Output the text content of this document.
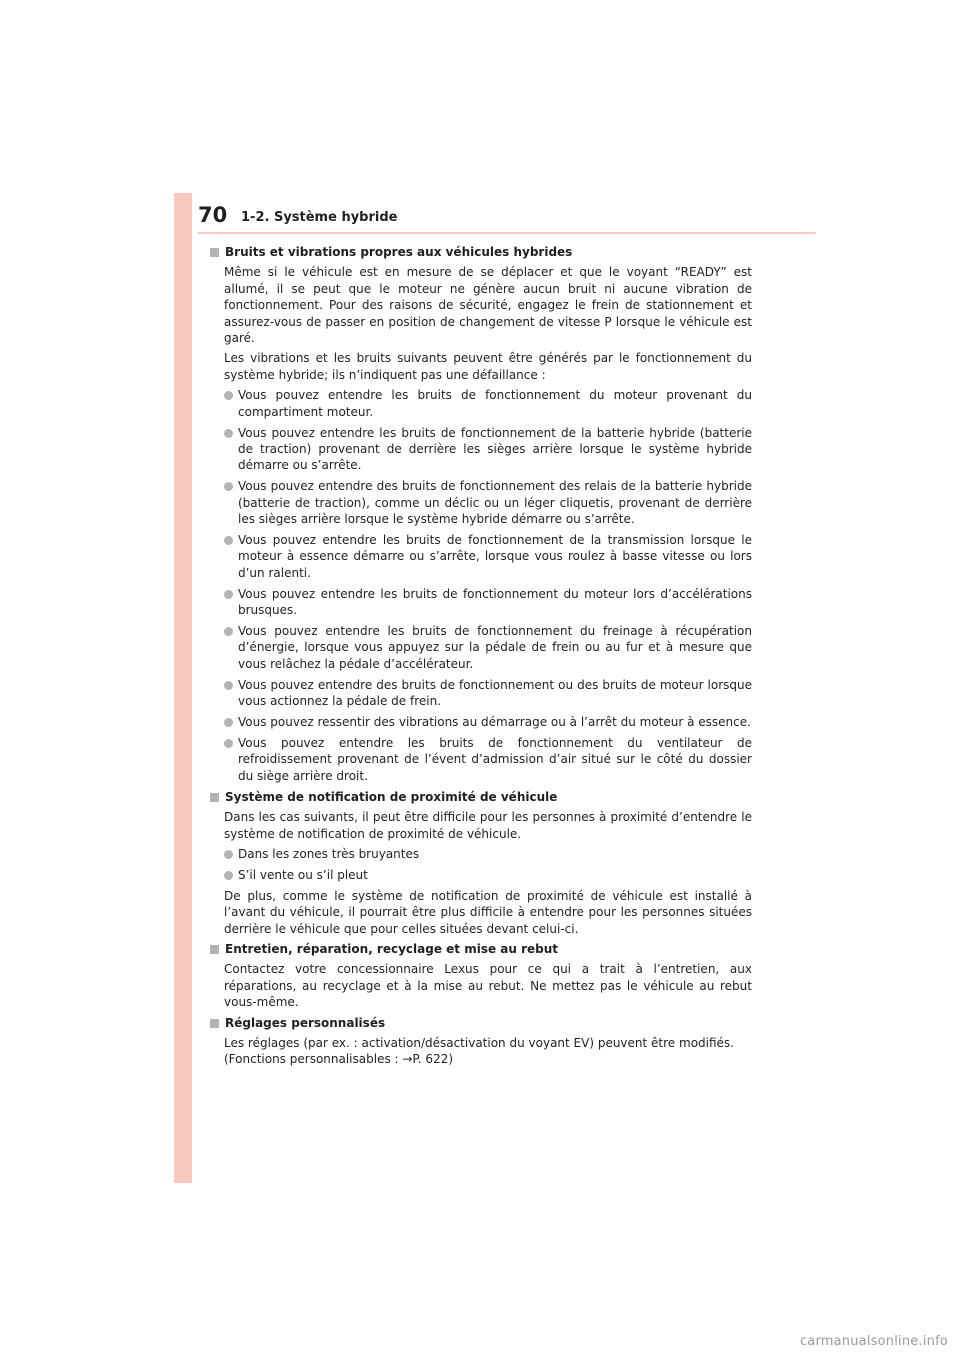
70 1-2. Système hybride
Bruits et vibrations propres aux véhicules hybrides
Même si le véhicule est en mesure de se déplacer et que le voyant “READY” est allumé, il se peut que le moteur ne génère aucun bruit ni aucune vibration de fonctionnement. Pour des raisons de sécurité, engagez le frein de stationnement et assurez-vous de passer en position de changement de vitesse P lorsque le véhicule est garé.
Les vibrations et les bruits suivants peuvent être générés par le fonctionnement du système hybride; ils n’indiquent pas une défaillance :
Vous pouvez entendre les bruits de fonctionnement du moteur provenant du compartiment moteur.
Vous pouvez entendre les bruits de fonctionnement de la batterie hybride (batterie de traction) provenant de derrière les sièges arrière lorsque le système hybride démarre ou s’arrête.
Vous pouvez entendre des bruits de fonctionnement des relais de la batterie hybride (batterie de traction), comme un déclic ou un léger cliquetis, provenant de derrière les sièges arrière lorsque le système hybride démarre ou s’arrête.
Vous pouvez entendre les bruits de fonctionnement de la transmission lorsque le moteur à essence démarre ou s’arrête, lorsque vous roulez à basse vitesse ou lors d’un ralenti.
Vous pouvez entendre les bruits de fonctionnement du moteur lors d’accélérations brusques.
Vous pouvez entendre les bruits de fonctionnement du freinage à récupération d’énergie, lorsque vous appuyez sur la pédale de frein ou au fur et à mesure que vous relâchez la pédale d’accélérateur.
Vous pouvez entendre des bruits de fonctionnement ou des bruits de moteur lorsque vous actionnez la pédale de frein.
Vous pouvez ressentir des vibrations au démarrage ou à l’arrêt du moteur à essence.
Vous pouvez entendre les bruits de fonctionnement du ventilateur de refroidissement provenant de l’évent d’admission d’air situé sur le côté du dossier du siège arrière droit.
Système de notification de proximité de véhicule
Dans les cas suivants, il peut être difficile pour les personnes à proximité d’entendre le système de notification de proximité de véhicule.
Dans les zones très bruyantes
S’il vente ou s’il pleut
De plus, comme le système de notification de proximité de véhicule est installé à l’avant du véhicule, il pourrait être plus difficile à entendre pour les personnes situées derrière le véhicule que pour celles situées devant celui-ci.
Entretien, réparation, recyclage et mise au rebut
Contactez votre concessionnaire Lexus pour ce qui a trait à l’entretien, aux réparations, au recyclage et à la mise au rebut. Ne mettez pas le véhicule au rebut vous-même.
Réglages personnalisés
Les réglages (par ex. : activation/désactivation du voyant EV) peuvent être modifiés.
(Fonctions personnalisables : →P. 622)
carmanualsonline.info
